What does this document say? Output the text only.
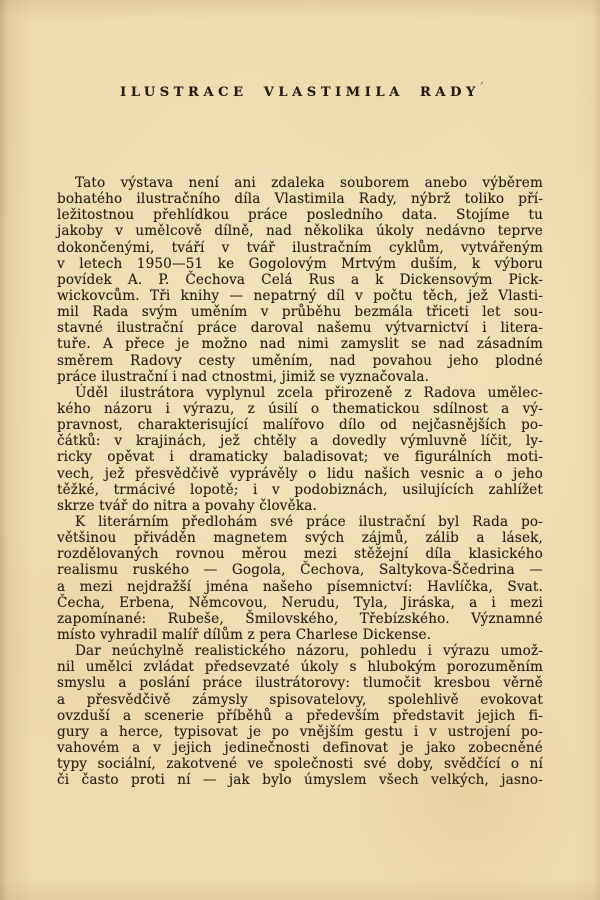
ILUSTRACE VLASTIMILA RADY
’

Tato výstava není ani zdaleka souborem anebo výběrem
bohatého ilustračního díla Vlastimila Rady, nýbrž toliko pří-
ležitostnou přehlídkou práce posledního data. Stojíme tu
jakoby v umělcově dílně, nad několika úkoly nedávno teprve
dokončenými, tváří v tvář ilustračním cyklům, vytvářeným
v letech 1950—51 ke Gogolovým Mrtvým duším, k výboru
povídek A. P. Čechova Celá Rus a k Dickensovým Pick-
wickovcům. Tři knihy — nepatrný díl v počtu těch, jež Vlasti-
mil Rada svým uměním v průběhu bezmála třiceti let sou-
stavné ilustrační práce daroval našemu výtvarnictví i litera-
tuře. A přece je možno nad nimi zamyslit se nad zásadním
směrem Radovy cesty uměním, nad povahou jeho plodné
práce ilustrační i nad ctnostmi, jimiž se vyznačovala.

Úděl ilustrátora vyplynul zcela přirozeně z Radova umělec-
kého názoru i výrazu, z úsilí o thematickou sdílnost a vý-
pravnost, charakterisující malířovo dílo od nejčasnějších po-
čátků: v krajinách, jež chtěly a dovedly výmluvně líčit, ly-
ricky opěvat i dramaticky baladisovat; ve figurálních moti-
vech, jež přesvědčivě vyprávěly o lidu našich vesnic a o jeho
těžké, trmácivé lopotě; i v podobiznách, usilujících zahlížet
skrze tvář do nitra a povahy člověka.

K literárním předlohám své práce ilustrační byl Rada po-
většinou přiváděn magnetem svých zájmů, zálib a lásek,
rozdělovaných rovnou měrou mezi stěžejní díla klasického
realismu ruského — Gogola, Čechova, Saltykova-Ščedrina —
a mezi nejdražší jména našeho písemnictví: Havlíčka, Svat.
Čecha, Erbena, Němcovou, Nerudu, Tyla, Jiráska, a i mezi
zapomínané: Rubeše, Šmilovského, Třebízského. Významné
místo vyhradil malíř dílům z pera Charlese Dickense.

Dar neúchylně realistického názoru, pohledu i výrazu umož-
nil umělci zvládat předsevzaté úkoly s hlubokým porozuměním
smyslu a poslání práce ilustrátorovy: tlumočit kresbou věrně
a přesvědčivě zámysly spisovatelovy, spolehlivě evokovat
ovzduší a scenerie příběhů a především představit jejich fi-
gury a herce, typisovat je po vnějším gestu i v ustrojení po-
vahovém a v jejich jedinečnosti definovat je jako zobecněné
typy sociální, zakotvené ve společnosti své doby, svědčící o ní
či často proti ní — jak bylo úmyslem všech velkých, jasno-
